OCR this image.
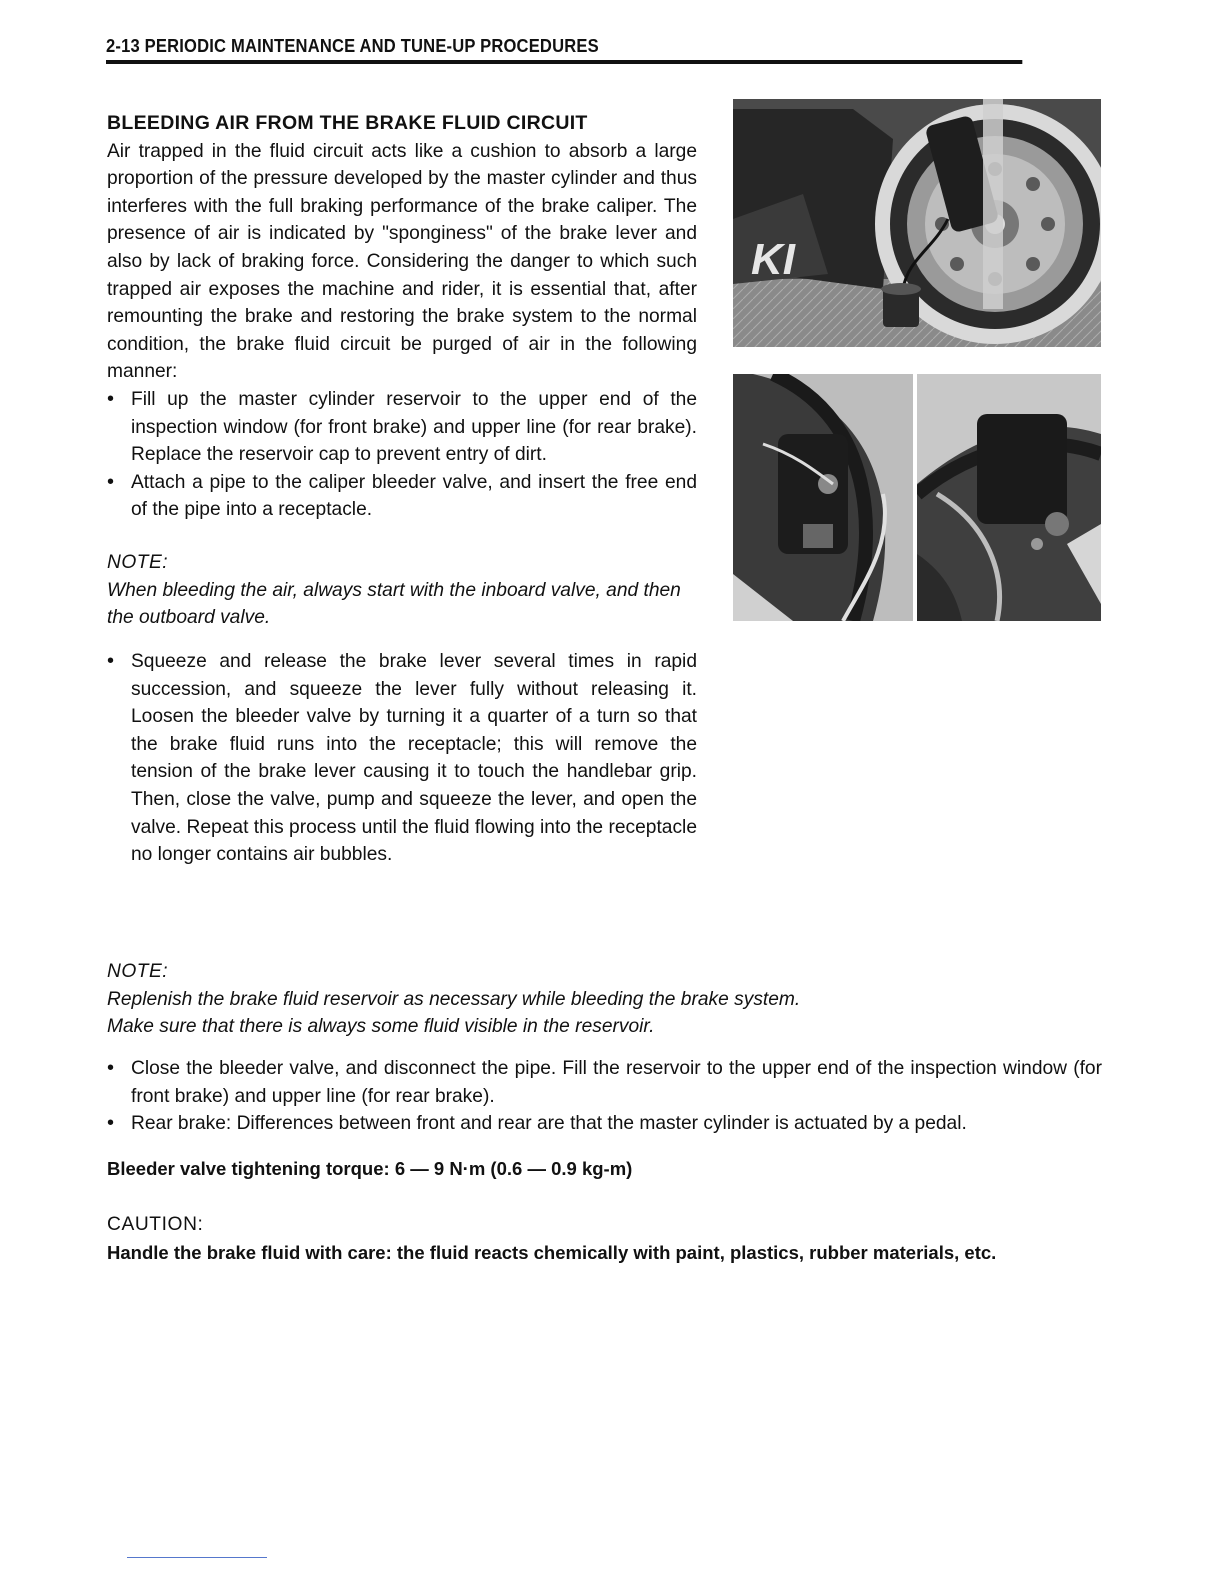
2-13 PERIODIC MAINTENANCE AND TUNE-UP PROCEDURES

BLEEDING AIR FROM THE BRAKE FLUID CIRCUIT

Air trapped in the fluid circuit acts like a cushion to absorb a large proportion of the pressure developed by the master cylinder and thus interferes with the full braking performance of the brake caliper. The presence of air is indicated by "sponginess" of the brake lever and also by lack of braking force. Considering the danger to which such trapped air exposes the machine and rider, it is essential that, after remounting the brake and restoring the brake system to the normal condition, the brake fluid circuit be purged of air in the following manner:

• Fill up the master cylinder reservoir to the upper end of the inspection window (for front brake) and upper line (for rear brake). Replace the reservoir cap to prevent entry of dirt.
• Attach a pipe to the caliper bleeder valve, and insert the free end of the pipe into a receptacle.

NOTE:

When bleeding the air, always start with the inboard valve, and then the outboard valve.

• Squeeze and release the brake lever several times in rapid succession, and squeeze the lever fully without releasing it. Loosen the bleeder valve by turning it a quarter of a turn so that the brake fluid runs into the receptacle; this will remove the tension of the brake lever causing it to touch the handlebar grip. Then, close the valve, pump and squeeze the lever, and open the valve. Repeat this process until the fluid flowing into the receptacle no longer contains air bubbles.

NOTE:

Replenish the brake fluid reservoir as necessary while bleeding the brake system.

Make sure that there is always some fluid visible in the reservoir.

• Close the bleeder valve, and disconnect the pipe. Fill the reservoir to the upper end of the inspection window (for front brake) and upper line (for rear brake).
• Rear brake: Differences between front and rear are that the master cylinder is actuated by a pedal.
Bleeder valve tightening torque: 6 — 9 N·m (0.6 — 0.9 kg-m)

CAUTION:

Handle the brake fluid with care: the fluid reacts chemically with paint, plastics, rubber materials, etc.

KI
